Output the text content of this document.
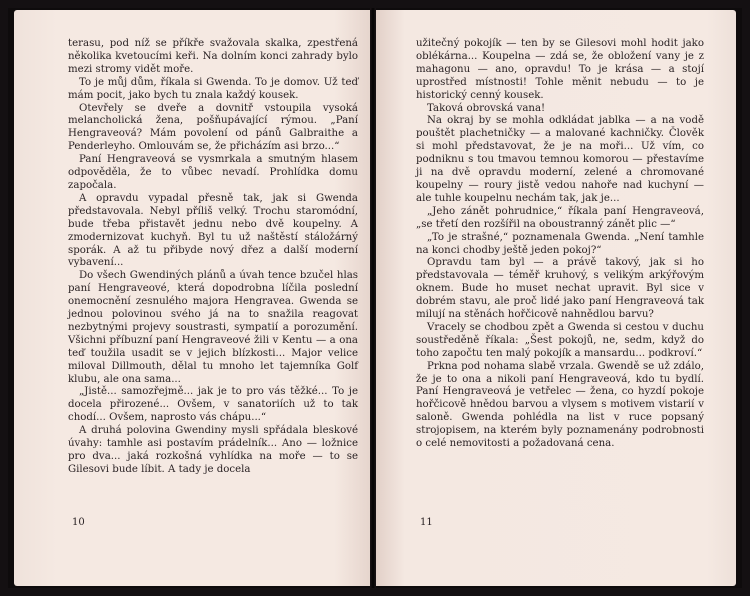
terasu, pod níž se příkře svažovala skalka, zpestřená několika kvetoucími keři. Na dolním konci zahrady bylo mezi stromy vidět moře.

To je můj dům, říkala si Gwenda. To je domov. Už teď mám pocit, jako bych tu znala každý kousek.

Otevřely se dveře a dovnitř vstoupila vysoká melancholická žena, pošňupávající rýmou. „Paní Hengraveová? Mám povolení od pánů Galbraithe a Penderleyho. Omlouvám se, že přicházím asi brzo...“

Paní Hengraveová se vysmrkala a smutným hlasem odpověděla, že to vůbec nevadí. Prohlídka domu započala.

A opravdu vypadal přesně tak, jak si Gwenda představovala. Nebyl příliš velký. Trochu staromódní, bude třeba přistavět jednu nebo dvě koupelny. A zmodernizovat kuchyň. Byl tu už naštěstí stáložárný sporák. A až tu přibyde nový dřez a další moderní vybavení...

Do všech Gwendiných plánů a úvah tence bzučel hlas paní Hengraveové, která dopodrobna líčila poslední onemocnění zesnulého majora Hengravea. Gwenda se jednou polovinou svého já na to snažila reagovat nezbytnými projevy soustrasti, sympatií a porozumění. Všichni příbuzní paní Hengraveové žili v Kentu — a ona teď toužila usadit se v jejich blízkosti... Major velice miloval Dillmouth, dělal tu mnoho let tajemníka Golf klubu, ale ona sama...

„Jistě... samozřejmě... jak je to pro vás těžké... To je docela přirozené... Ovšem, v sanatoriích už to tak chodí... Ovšem, naprosto vás chápu...“

A druhá polovina Gwendiny mysli spřádala bleskové úvahy: tamhle asi postavím prádelník... Ano — ložnice pro dva... jaká rozkošná vyhlídka na moře — to se Gilesovi bude líbit. A tady je docela

10

užitečný pokojík — ten by se Gilesovi mohl hodit jako oblékárna... Koupelna — zdá se, že obložení vany je z mahagonu — ano, opravdu! To je krása — a stojí uprostřed místnosti! Tohle měnit nebudu — to je historický cenný kousek.

Taková obrovská vana!

Na okraj by se mohla odkládat jablka — a na vodě pouštět plachetničky — a malované kachničky. Člověk si mohl představovat, že je na moři... Už vím, co podniknu s tou tmavou temnou komorou — přestavíme ji na dvě opravdu moderní, zelené a chromované koupelny — roury jistě vedou nahoře nad kuchyní — ale tuhle koupelnu nechám tak, jak je...

„Jeho zánět pohrudnice,“ říkala paní Hengraveová, „se třetí den rozšířil na oboustranný zánět plic —“

„To je strašné,“ poznamenala Gwenda. „Není tamhle na konci chodby ještě jeden pokoj?“

Opravdu tam byl — a právě takový, jak si ho představovala — téměř kruhový, s velikým arkýřovým oknem. Bude ho muset nechat upravit. Byl sice v dobrém stavu, ale proč lidé jako paní Hengraveová tak milují na stěnách hořčicově nahnědlou barvu?

Vracely se chodbou zpět a Gwenda si cestou v duchu soustředěně říkala: „Šest pokojů, ne, sedm, když do toho započtu ten malý pokojík a mansardu... podkroví.“

Prkna pod nohama slabě vrzala. Gwendě se už zdálo, že je to ona a nikoli paní Hengraveová, kdo tu bydlí. Paní Hengraveová je vetřelec — žena, co hyzdí pokoje hořčicově hnědou barvou a vlysem s motivem vistarií v saloně. Gwenda pohlédla na list v ruce popsaný strojopisem, na kterém byly poznamenány podrobnosti o celé nemovitosti a požadovaná cena.

11
